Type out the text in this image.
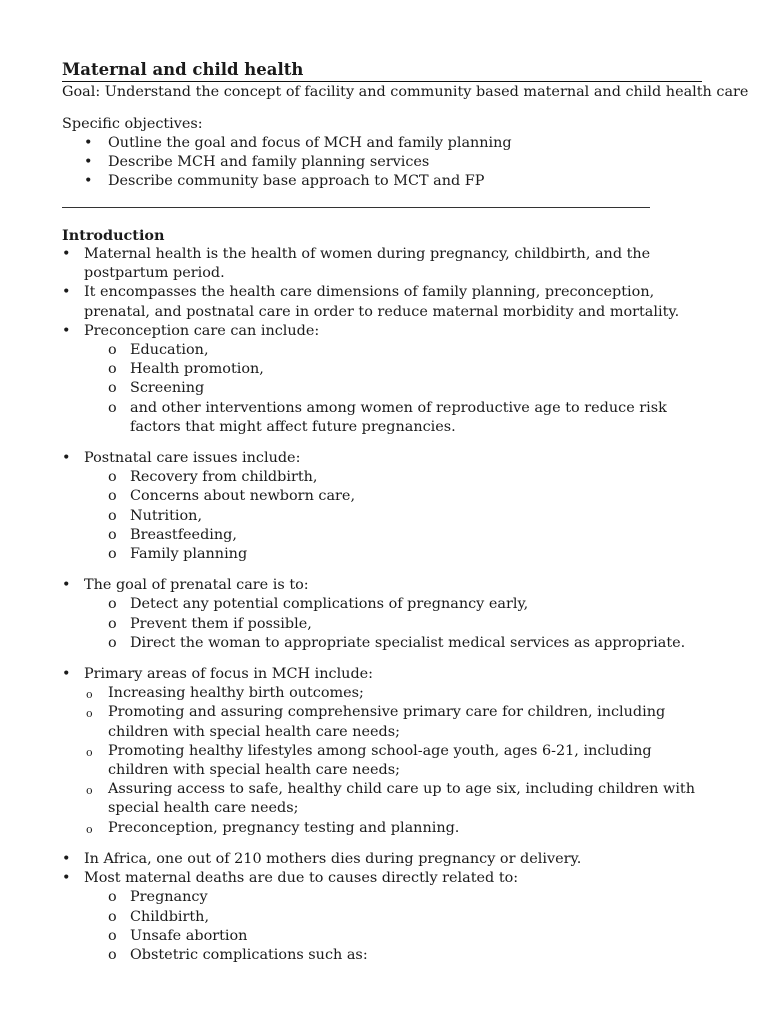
Maternal and child health
Goal: Understand the concept of facility and community based maternal and child health care
Specific objectives:
• Outline the goal and focus of MCH and family planning
• Describe MCH and family planning services
• Describe community base approach to MCT and FP
Introduction
• Maternal health is the health of women during pregnancy, childbirth, and the postpartum period.
• It encompasses the health care dimensions of family planning, preconception, prenatal, and postnatal care in order to reduce maternal morbidity and mortality.
• Preconception care can include:
o Education,
o Health promotion,
o Screening
o and other interventions among women of reproductive age to reduce risk factors that might affect future pregnancies.
• Postnatal care issues include:
o Recovery from childbirth,
o Concerns about newborn care,
o Nutrition,
o Breastfeeding,
o Family planning
• The goal of prenatal care is to:
o Detect any potential complications of pregnancy early,
o Prevent them if possible,
o Direct the woman to appropriate specialist medical services as appropriate.
• Primary areas of focus in MCH include:
o Increasing healthy birth outcomes;
o Promoting and assuring comprehensive primary care for children, including children with special health care needs;
o Promoting healthy lifestyles among school-age youth, ages 6-21, including children with special health care needs;
o Assuring access to safe, healthy child care up to age six, including children with special health care needs;
o Preconception, pregnancy testing and planning.
• In Africa, one out of 210 mothers dies during pregnancy or delivery.
• Most maternal deaths are due to causes directly related to:
o Pregnancy
o Childbirth,
o Unsafe abortion
o Obstetric complications such as:
